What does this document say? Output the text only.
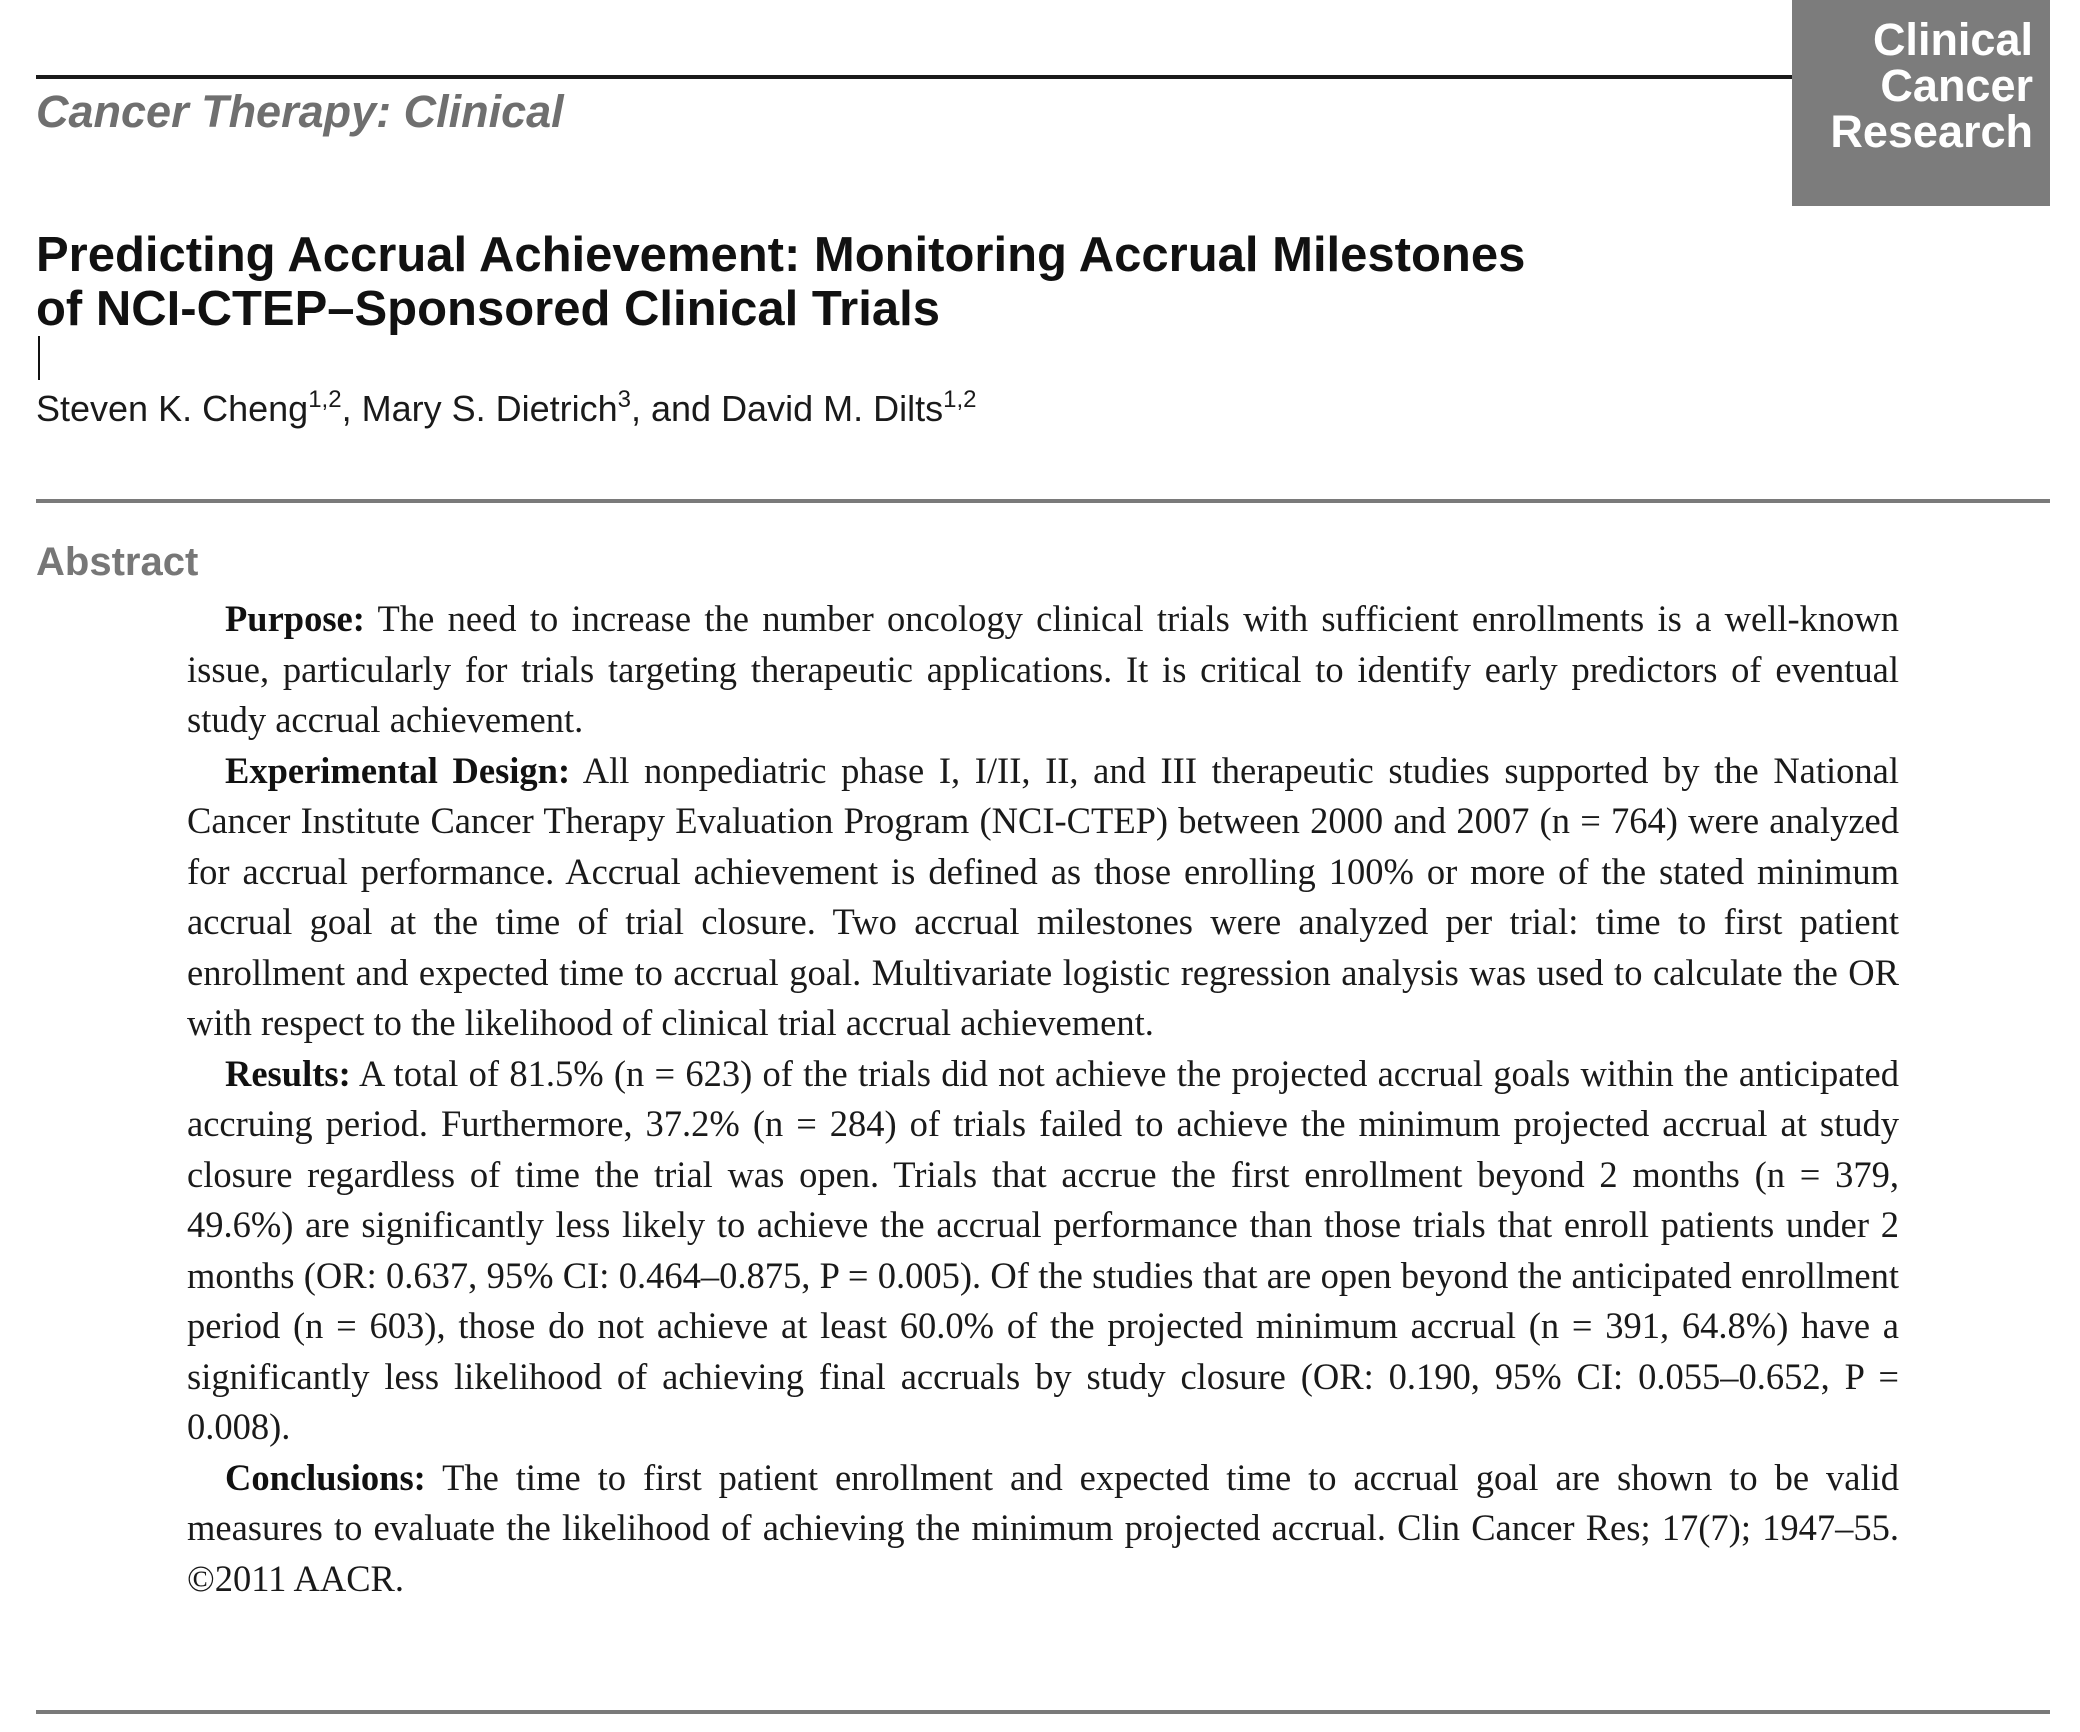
Cancer Therapy: Clinical
Clinical
Cancer
Research
Predicting Accrual Achievement: Monitoring Accrual Milestones
of NCI-CTEP–Sponsored Clinical Trials
Steven K. Cheng$^{1,2}$, Mary S. Dietrich$^3$, and David M. Dilts$^{1,2}$
Abstract

Purpose: The need to increase the number oncology clinical trials with sufficient enrollments is a well-known issue, particularly for trials targeting therapeutic applications. It is critical to identify early predictors of eventual study accrual achievement.

Experimental Design: All nonpediatric phase I, I/II, II, and III therapeutic studies supported by the National Cancer Institute Cancer Therapy Evaluation Program (NCI-CTEP) between 2000 and 2007 (n = 764) were analyzed for accrual performance. Accrual achievement is defined as those enrolling 100% or more of the stated minimum accrual goal at the time of trial closure. Two accrual milestones were analyzed per trial: time to first patient enrollment and expected time to accrual goal. Multivariate logistic regression analysis was used to calculate the OR with respect to the likelihood of clinical trial accrual achievement.

Results: A total of 81.5% (n = 623) of the trials did not achieve the projected accrual goals within the anticipated accruing period. Furthermore, 37.2% (n = 284) of trials failed to achieve the minimum projected accrual at study closure regardless of time the trial was open. Trials that accrue the first enrollment beyond 2 months (n = 379, 49.6%) are significantly less likely to achieve the accrual performance than those trials that enroll patients under 2 months (OR: 0.637, 95% CI: 0.464–0.875, P = 0.005). Of the studies that are open beyond the anticipated enrollment period (n = 603), those do not achieve at least 60.0% of the projected minimum accrual (n = 391, 64.8%) have a significantly less likelihood of achieving final accruals by study closure (OR: 0.190, 95% CI: 0.055–0.652, P = 0.008).

Conclusions: The time to first patient enrollment and expected time to accrual goal are shown to be valid measures to evaluate the likelihood of achieving the minimum projected accrual. Clin Cancer Res; 17(7); 1947–55. ©2011 AACR.
